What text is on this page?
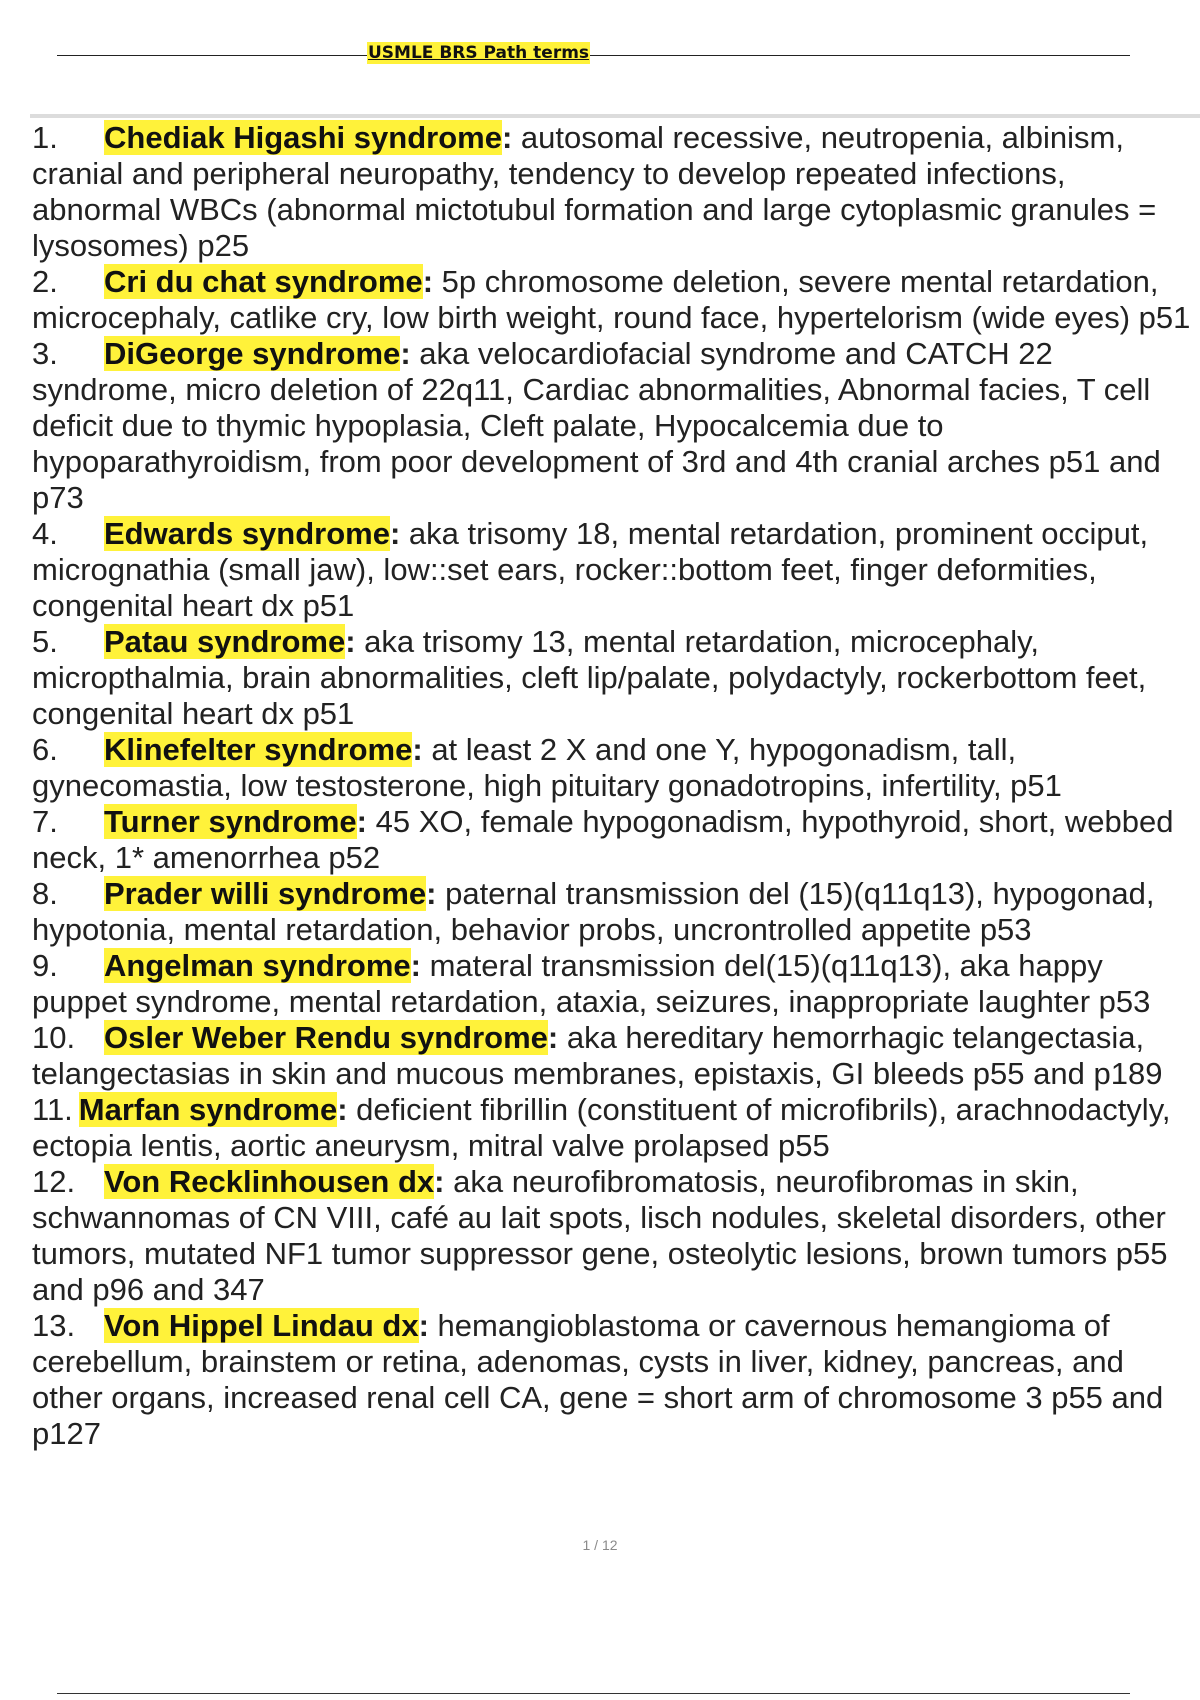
USMLE BRS Path terms

1. Chediak Higashi syndrome: autosomal recessive, neutropenia, albinism, cranial and peripheral neuropathy, tendency to develop repeated infections, abnormal WBCs (abnormal mictotubul formation and large cytoplasmic granules = lysosomes) p25

2. Cri du chat syndrome: 5p chromosome deletion, severe mental retardation, microcephaly, catlike cry, low birth weight, round face, hypertelorism (wide eyes) p51

3. DiGeorge syndrome: aka velocardiofacial syndrome and CATCH 22 syndrome, micro deletion of 22q11, Cardiac abnormalities, Abnormal facies, T cell deficit due to thymic hypoplasia, Cleft palate, Hypocalcemia due to hypoparathyroidism, from poor development of 3rd and 4th cranial arches p51 and p73

4. Edwards syndrome: aka trisomy 18, mental retardation, prominent occiput, micrognathia (small jaw), low::set ears, rocker::bottom feet, finger deformities, congenital heart dx p51

5. Patau syndrome: aka trisomy 13, mental retardation, microcephaly, micropthalmia, brain abnormalities, cleft lip/palate, polydactyly, rockerbottom feet, congenital heart dx p51

6. Klinefelter syndrome: at least 2 X and one Y, hypogonadism, tall, gynecomastia, low testosterone, high pituitary gonadotropins, infertility, p51

7. Turner syndrome: 45 XO, female hypogonadism, hypothyroid, short, webbed neck, 1* amenorrhea p52

8. Prader willi syndrome: paternal transmission del (15)(q11q13), hypogonad, hypotonia, mental retardation, behavior probs, uncrontrolled appetite p53

9. Angelman syndrome: materal transmission del(15)(q11q13), aka happy puppet syndrome, mental retardation, ataxia, seizures, inappropriate laughter p53

10. Osler Weber Rendu syndrome: aka hereditary hemorrhagic telangectasia, telangectasias in skin and mucous membranes, epistaxis, GI bleeds p55 and p189 11. Marfan syndrome: deficient fibrillin (constituent of microfibrils), arachnodactyly, ectopia lentis, aortic aneurysm, mitral valve prolapsed p55

12. Von Recklinhousen dx: aka neurofibromatosis, neurofibromas in skin, schwannomas of CN VIII, café au lait spots, lisch nodules, skeletal disorders, other tumors, mutated NF1 tumor suppressor gene, osteolytic lesions, brown tumors p55 and p96 and 347

13. Von Hippel Lindau dx: hemangioblastoma or cavernous hemangioma of cerebellum, brainstem or retina, adenomas, cysts in liver, kidney, pancreas, and other organs, increased renal cell CA, gene = short arm of chromosome 3 p55 and p127

1 / 12
